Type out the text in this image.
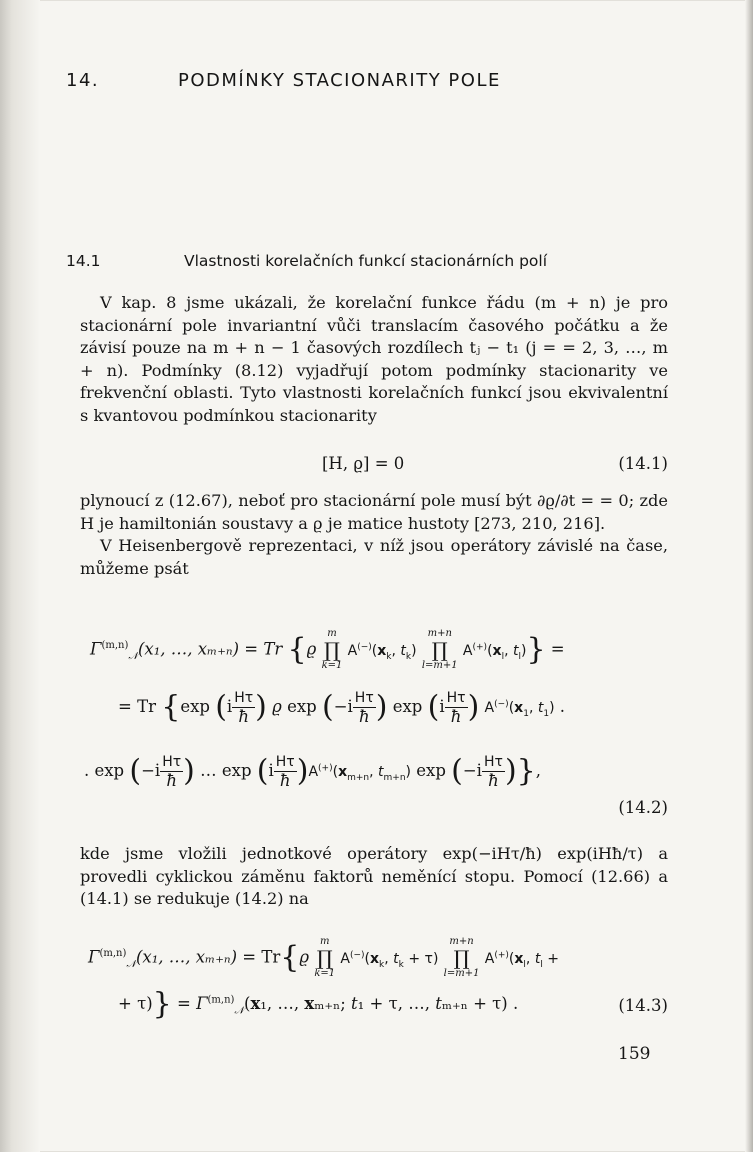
14.	PODMÍNKY STACIONARITY POLE
14.1	Vlastnosti korelačních funkcí stacionárních polí

V kap. 8 jsme ukázali, že korelační funkce řádu (m + n) je pro stacionární pole invariantní vůči translacím časového počátku a že závisí pouze na m + n − 1 časových rozdílech tⱼ − t₁ (j = = 2, 3, …, m + n). Podmínky (8.12) vyjadřují potom podmínky stacionarity ve frekvenční oblasti. Tyto vlastnosti korelačních funkcí jsou ekvivalentní s kvantovou podmínkou stacionarity

[H, ϱ] = 0	(14.1)

plynoucí z (12.67), neboť pro stacionární pole musí být ∂ϱ/∂t = = 0; zde H je hamiltonián soustavy a ϱ je matice hustoty [273, 210, 216].

V Heisenbergově reprezentaci, v níž jsou operátory závislé na čase, můžeme psát

Γ$^{(m,n)}_𝒩$(x₁, …, xₘ₊ₙ) = Tr {ϱ
m
∏
k=1
$A^{(-)}(x_k$, $t_k$)
m+n
∏
l=m+1
$A^{(+)}(x_l$, $t_l$)} =
= Tr {exp ($i \frac{H\tau}{ħ}$ ) ϱ $\exp (-i \frac{H\tau}{ħ}$ ) $\exp (i \frac{H\tau}{ħ}$ ) $A^{(-)}(x_1$, $t_1$) .
. $\exp (-i \frac{H\tau}{ħ}$ ) … $\exp (i \frac{H\tau}{ħ} )A^{(+)}(x_{m+n}$, $t_{m+n}$) $\exp (-i \frac{H\tau}{ħ}$ )},
(14.2)

kde jsme vložili jednotkové operátory exp(−iHτ/ħ) exp(iHħ/τ) a provedli cyklickou záměnu faktorů neměnící stopu. Pomocí (12.66) a (14.1) se redukuje (14.2) na

Γ$^{(m,n)}_𝒩$(x₁, …, xₘ₊ₙ) = Tr{ϱ
m
∏
k=1
$A^{(-)}(x_k$, $t_k + \tau$)
m+n
∏
l=m+1
$A^{(+)}(x_l$, $t_l$ +
+ τ)} = Γ$^{(m,n)}_𝒩$(x₁, …, xₘ₊ₙ; t₁ + τ, …, tₘ₊ₙ + τ) .	(14.3)
159
